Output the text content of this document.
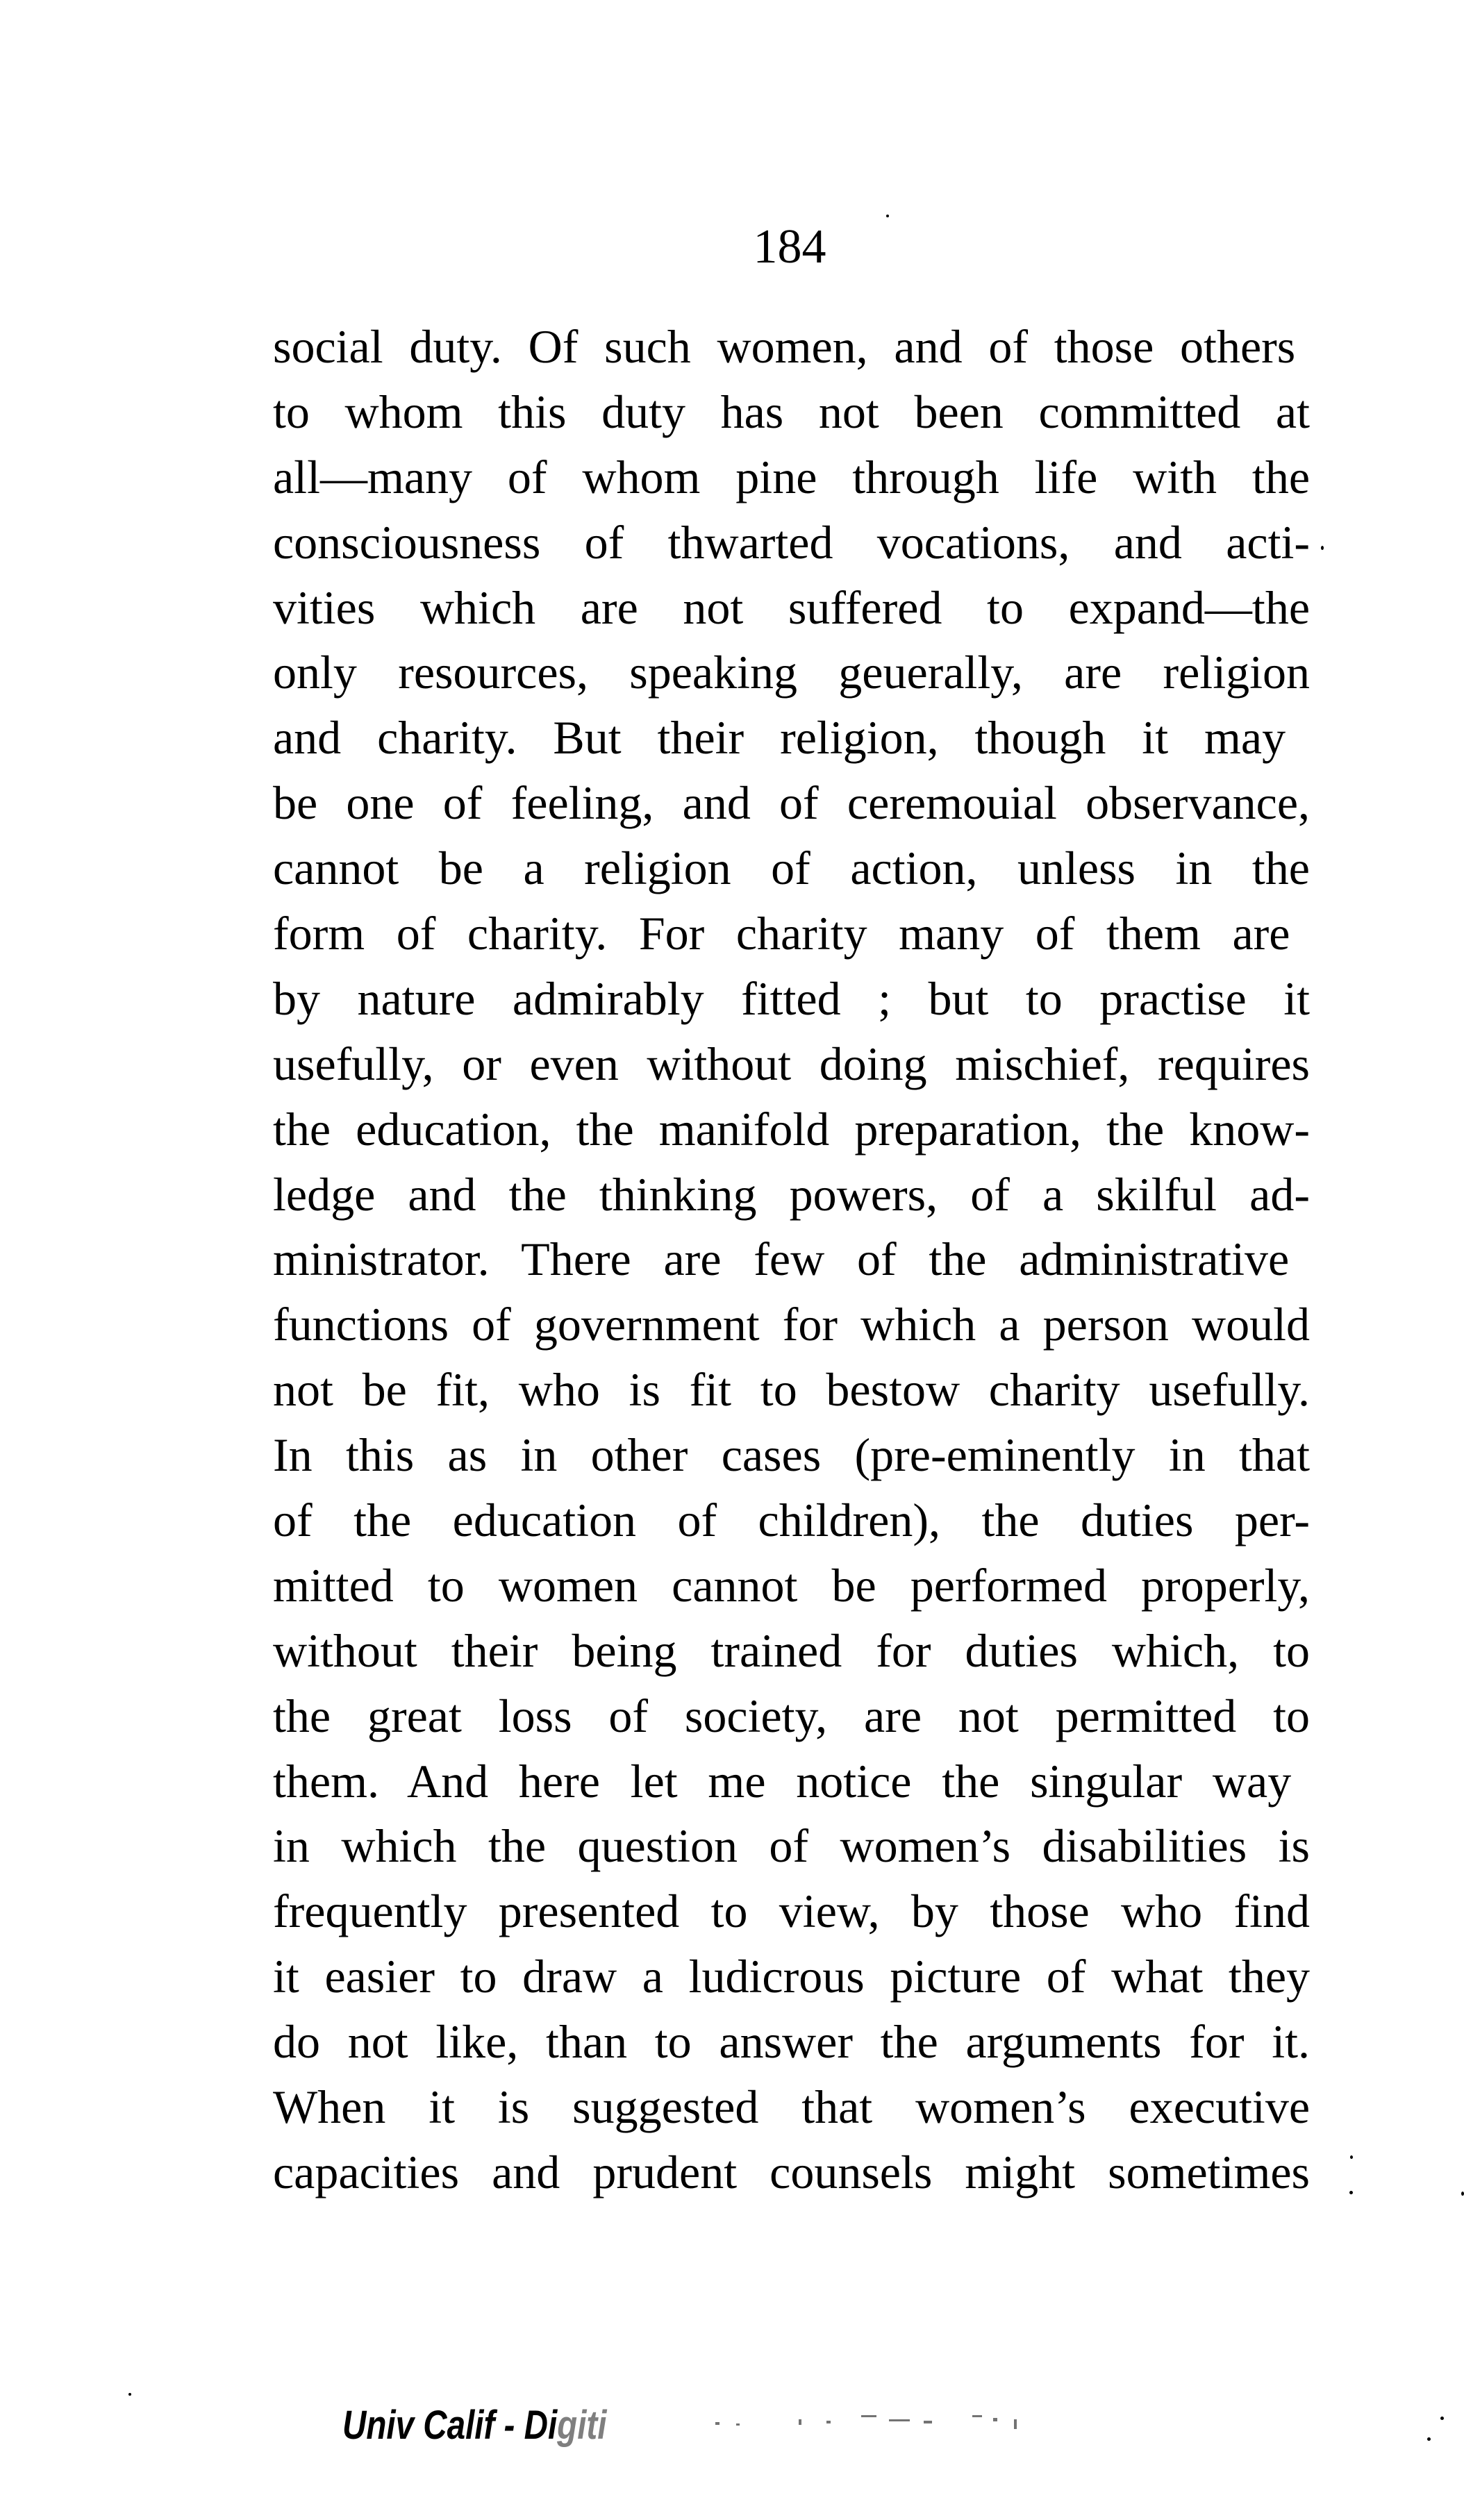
184
social duty. Of such women, and of those others
to whom this duty has not been committed at
all—many of whom pine through life with the
consciousness of thwarted vocations, and acti-
vities which are not suffered to expand—the
only resources, speaking geuerally, are religion
and charity. But their religion, though it may
be one of feeling, and of ceremouial observance,
cannot be a religion of action, unless in the
form of charity. For charity many of them are
by nature admirably fitted ; but to practise it
usefully, or even without doing mischief, requires
the education, the manifold preparation, the know-
ledge and the thinking powers, of a skilful ad-
ministrator. There are few of the administrative
functions of government for which a person would
not be fit, who is fit to bestow charity usefully.
In this as in other cases (pre-eminently in that
of the education of children), the duties per-
mitted to women cannot be performed properly,
without their being trained for duties which, to
the great loss of society, are not permitted to
them. And here let me notice the singular way
in which the question of women’s disabilities is
frequently presented to view, by those who find
it easier to draw a ludicrous picture of what they
do not like, than to answer the arguments for it.
When it is suggested that women’s executive
capacities and prudent counsels might sometimes
Univ Calif - Digiti
